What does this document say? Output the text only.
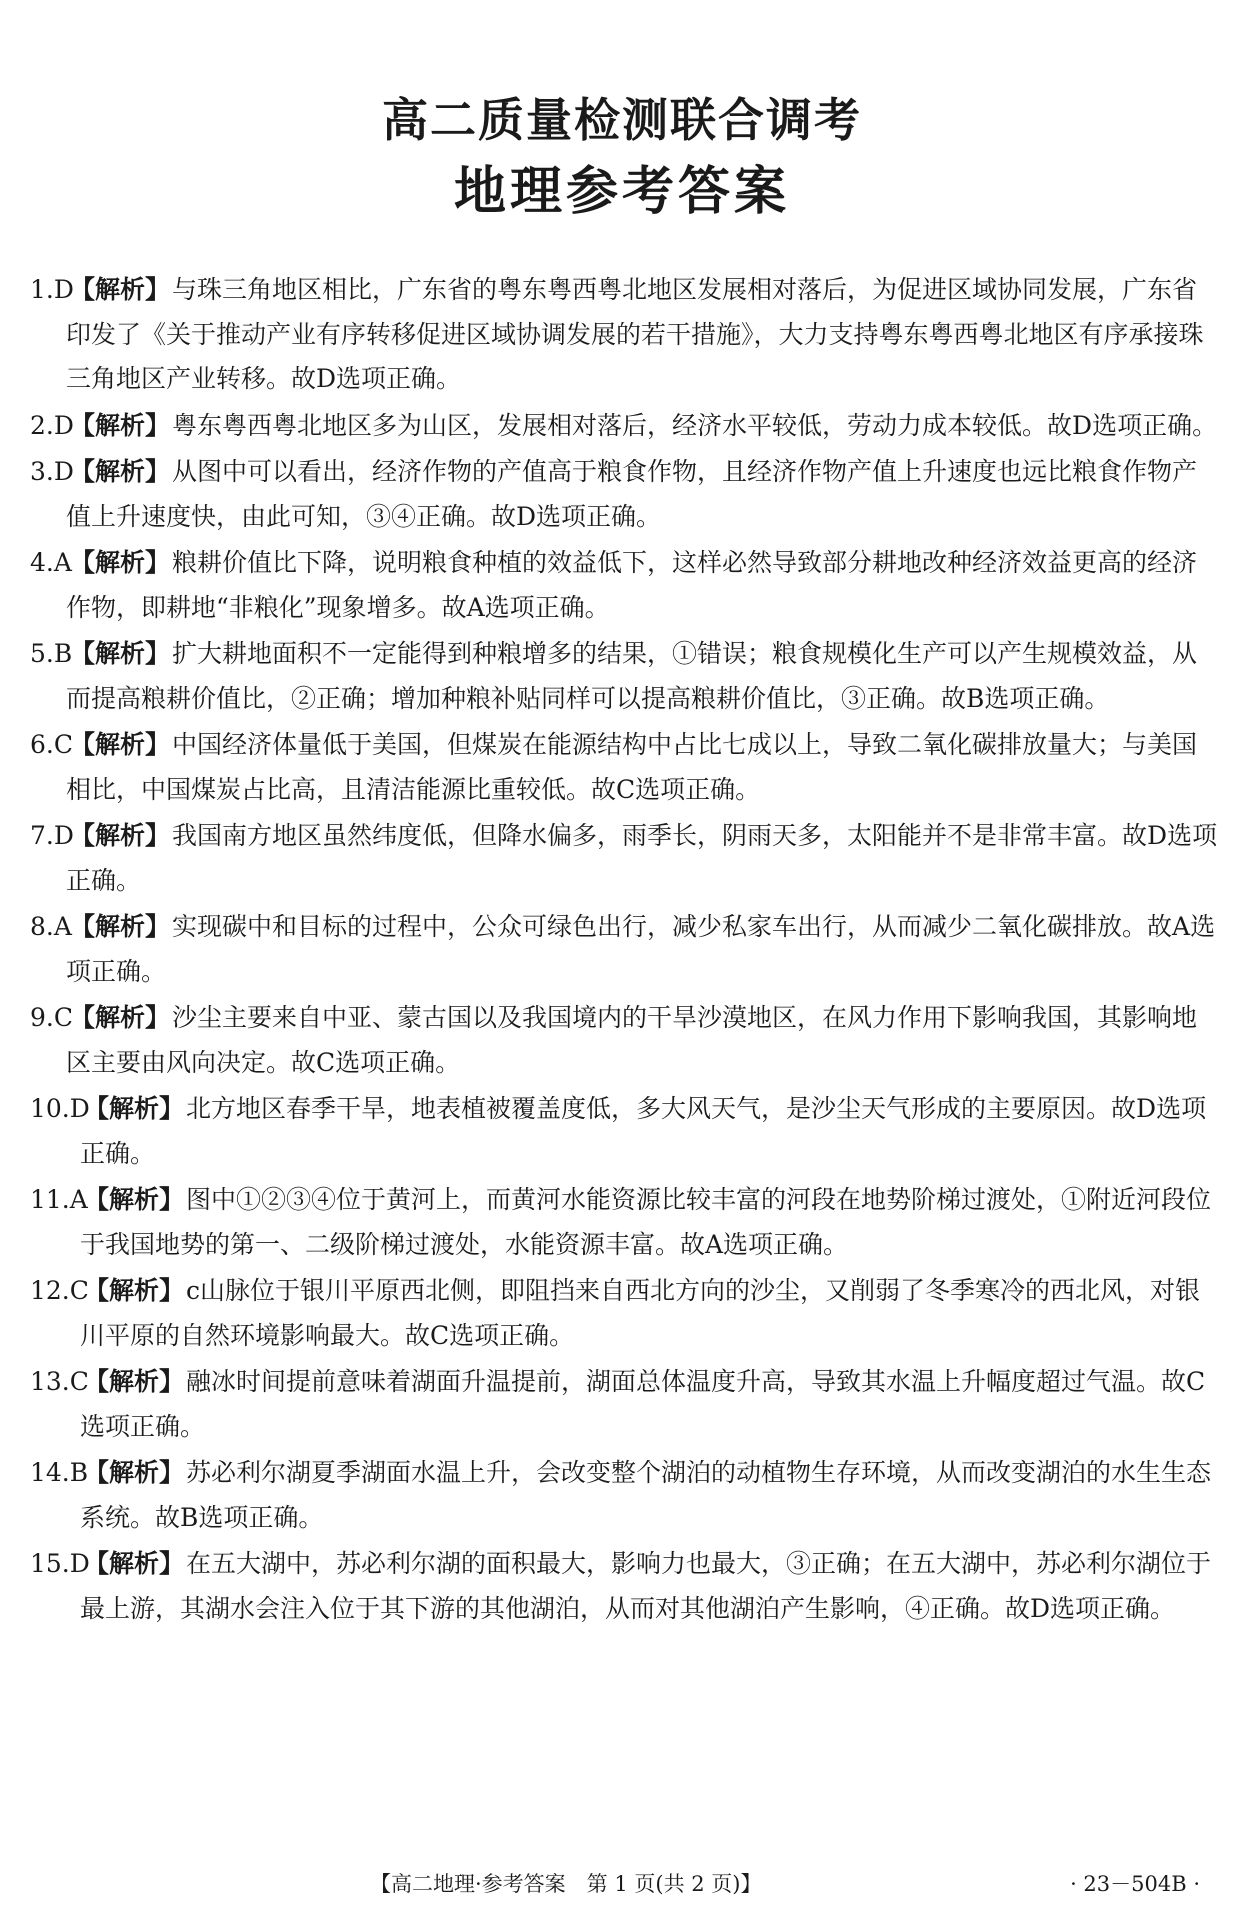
高二质量检测联合调考
地理参考答案
1.D
【解析】与珠三角地区相比，广东省的粤东粤西粤北地区发展相对落后，为促进区域协同发展，广东省印发了《关于推动产业有序转移促进区域协调发展的若干措施》，大力支持粤东粤西粤北地区有序承接珠三角地区产业转移。故D选项正确。
2.D
【解析】粤东粤西粤北地区多为山区，发展相对落后，经济水平较低，劳动力成本较低。故D选项正确。
3.D
【解析】从图中可以看出，经济作物的产值高于粮食作物，且经济作物产值上升速度也远比粮食作物产值上升速度快，由此可知，③④正确。故D选项正确。
4.A
【解析】粮耕价值比下降，说明粮食种植的效益低下，这样必然导致部分耕地改种经济效益更高的经济作物，即耕地“非粮化”现象增多。故A选项正确。
5.B
【解析】扩大耕地面积不一定能得到种粮增多的结果，①错误；粮食规模化生产可以产生规模效益，从而提高粮耕价值比，②正确；增加种粮补贴同样可以提高粮耕价值比，③正确。故B选项正确。
6.C
【解析】中国经济体量低于美国，但煤炭在能源结构中占比七成以上，导致二氧化碳排放量大；与美国相比，中国煤炭占比高，且清洁能源比重较低。故C选项正确。
7.D
【解析】我国南方地区虽然纬度低，但降水偏多，雨季长，阴雨天多，太阳能并不是非常丰富。故D选项正确。
8.A
【解析】实现碳中和目标的过程中，公众可绿色出行，减少私家车出行，从而减少二氧化碳排放。故A选项正确。
9.C
【解析】沙尘主要来自中亚、蒙古国以及我国境内的干旱沙漠地区，在风力作用下影响我国，其影响地区主要由风向决定。故C选项正确。
10.D
【解析】北方地区春季干旱，地表植被覆盖度低，多大风天气，是沙尘天气形成的主要原因。故D选项正确。
11.A
【解析】图中①②③④位于黄河上，而黄河水能资源比较丰富的河段在地势阶梯过渡处，①附近河段位于我国地势的第一、二级阶梯过渡处，水能资源丰富。故A选项正确。
12.C
【解析】c山脉位于银川平原西北侧，即阻挡来自西北方向的沙尘，又削弱了冬季寒冷的西北风，对银川平原的自然环境影响最大。故C选项正确。
13.C
【解析】融冰时间提前意味着湖面升温提前，湖面总体温度升高，导致其水温上升幅度超过气温。故C选项正确。
14.B
【解析】苏必利尔湖夏季湖面水温上升，会改变整个湖泊的动植物生存环境，从而改变湖泊的水生生态系统。故B选项正确。
15.D
【解析】在五大湖中，苏必利尔湖的面积最大，影响力也最大，③正确；在五大湖中，苏必利尔湖位于最上游，其湖水会注入位于其下游的其他湖泊，从而对其他湖泊产生影响，④正确。故D选项正确。
【高二地理·参考答案　第 1 页(共 2 页)】	· 23－504B ·
